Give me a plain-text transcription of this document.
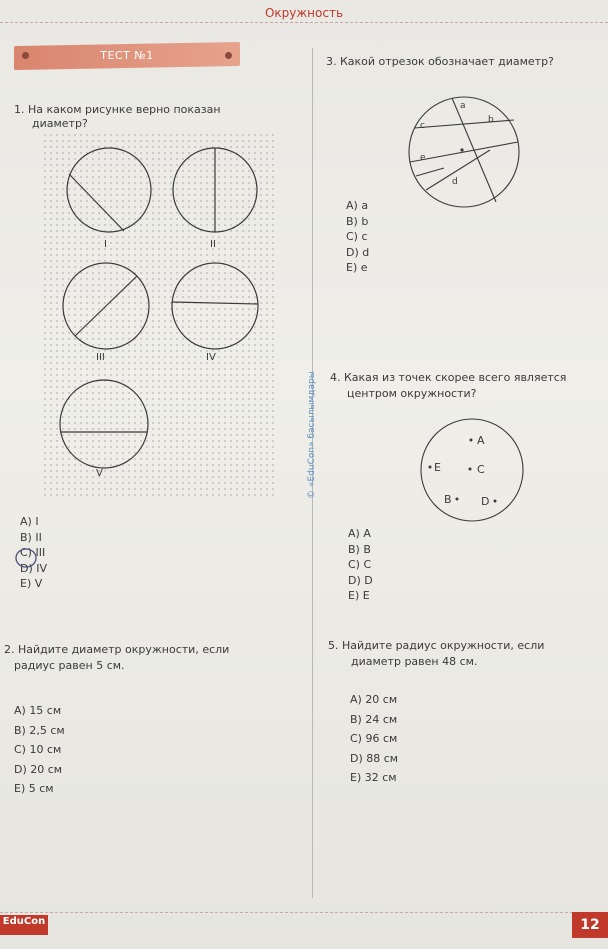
Окружность
ТЕСТ №1
© «EduCon» басылымдары
1. На каком рисунке верно показан
диаметр?
I	II
III	IV
V
A) I
B) II
C) III
D) IV
E) V
2. Найдите диаметр окружности, если
радиус равен 5 см.
A) 15 см
B) 2,5 см
C) 10 см
D) 20 см
E) 5 см
3. Какой отрезок обозначает диаметр?
a
b
c
d
e
A) a
B) b
C) c
D) d
E) e
4. Какая из точек скорее всего является
центром окружности?
A
E	C
B	D
A) A
B) B
C) C
D) D
E) E
5. Найдите радиус окружности, если
диаметр равен 48 см.
A) 20 см
B) 24 см
C) 96 см
D) 88 см
E) 32 см
EduCon	12
